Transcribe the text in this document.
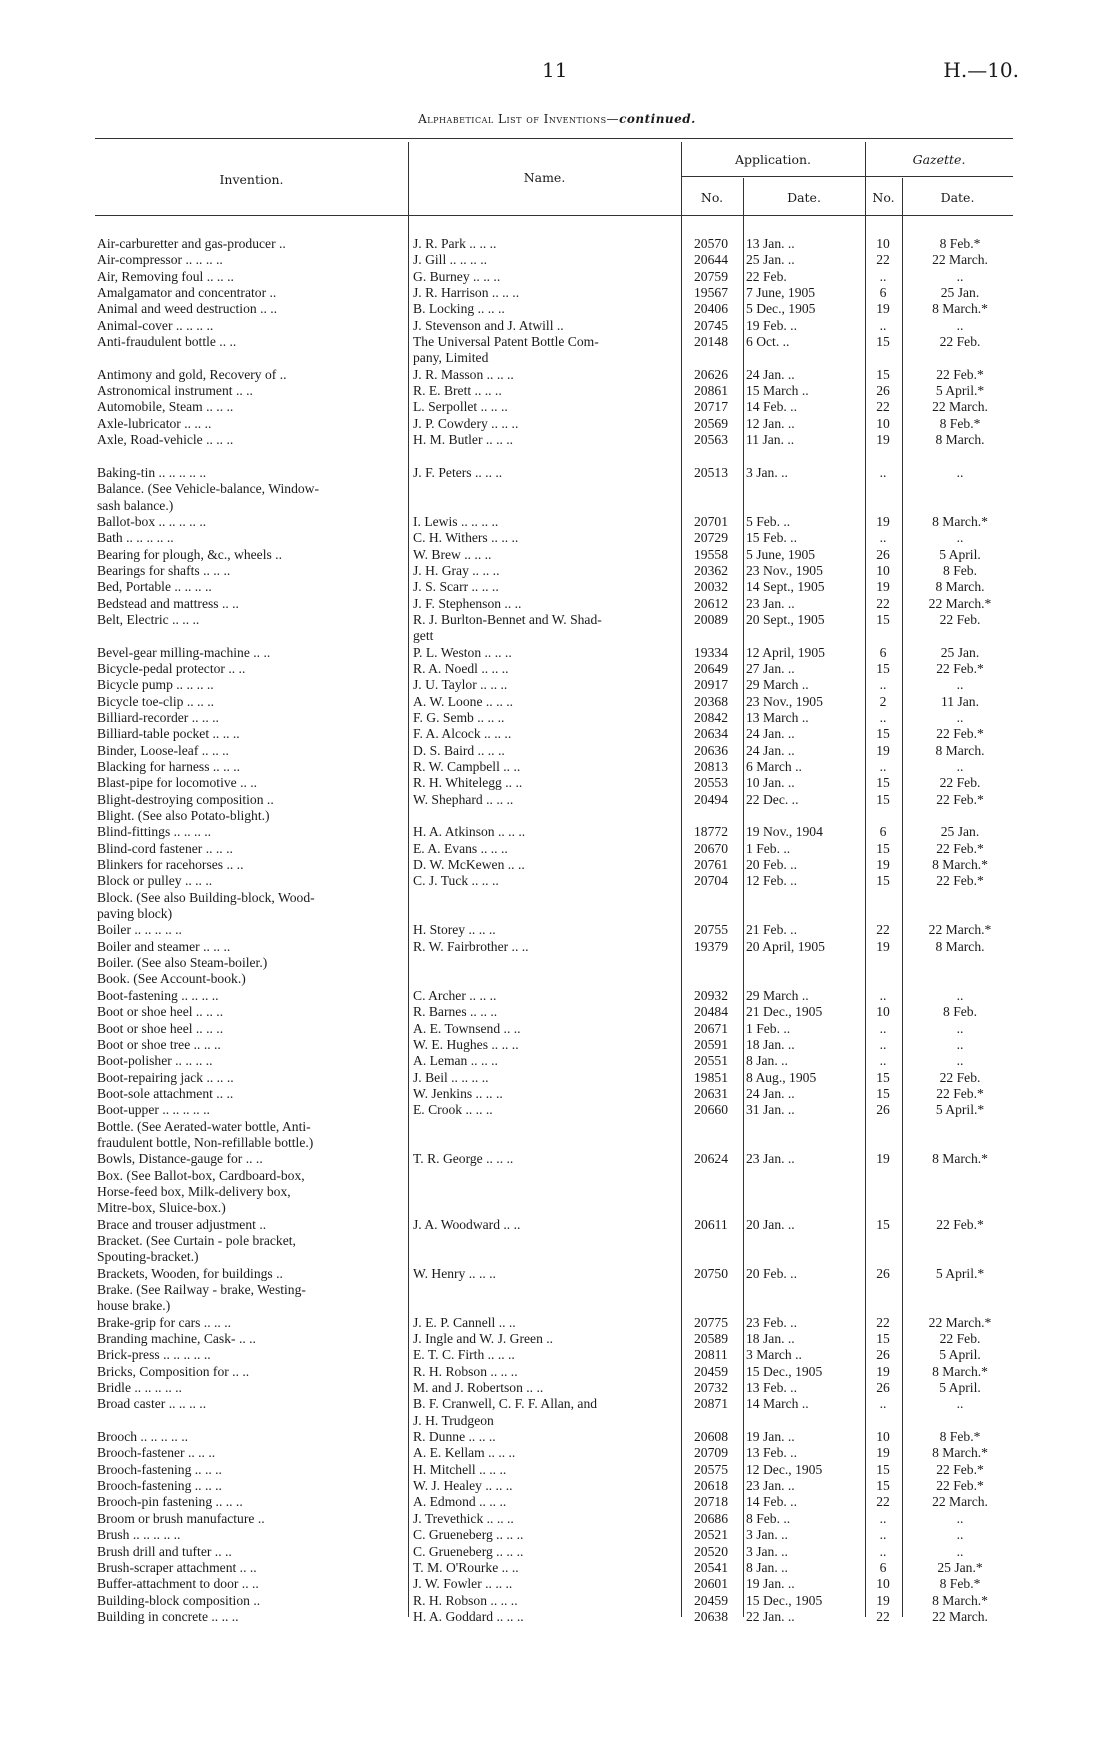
11	H.—10.
Alphabetical List of Inventions—continued.
Invention.	Name.
Application.	Gazette.
No.	Date.	No.	Date.
Air-carburetter and gas-producer ..	J. R. Park .. .. ..	20570	13 Jan. ..	10	8 Feb.*
Air-compressor .. .. .. ..	J. Gill .. .. .. ..	20644	25 Jan. ..	22	22 March.
Air, Removing foul .. .. ..	G. Burney .. .. ..	20759	22 Feb.	..	..
Amalgamator and concentrator ..	J. R. Harrison .. .. ..	19567	7 June, 1905	6	25 Jan.
Animal and weed destruction .. ..	B. Locking .. .. ..	20406	5 Dec., 1905	19	8 March.*
Animal-cover .. .. .. ..	J. Stevenson and J. Atwill ..	20745	19 Feb. ..	..	..
Anti-fraudulent bottle .. ..	The Universal Patent Bottle Com-	20148	6 Oct. ..	15	22 Feb.
pany, Limited
Antimony and gold, Recovery of ..	J. R. Masson .. .. ..	20626	24 Jan. ..	15	22 Feb.*
Astronomical instrument .. ..	R. E. Brett .. .. ..	20861	15 March ..	26	5 April.*
Automobile, Steam .. .. ..	L. Serpollet .. .. ..	20717	14 Feb. ..	22	22 March.
Axle-lubricator .. .. ..	J. P. Cowdery .. .. ..	20569	12 Jan. ..	10	8 Feb.*
Axle, Road-vehicle .. .. ..	H. M. Butler .. .. ..	20563	11 Jan. ..	19	8 March.
Baking-tin .. .. .. .. ..	J. F. Peters .. .. ..	20513	3 Jan. ..	..	..
Balance. (See Vehicle-balance, Window-
sash balance.)
Ballot-box .. .. .. .. ..	I. Lewis .. .. .. ..	20701	5 Feb. ..	19	8 March.*
Bath .. .. .. .. ..	C. H. Withers .. .. ..	20729	15 Feb. ..	..	..
Bearing for plough, &c., wheels ..	W. Brew .. .. ..	19558	5 June, 1905	26	5 April.
Bearings for shafts .. .. ..	J. H. Gray .. .. ..	20362	23 Nov., 1905	10	8 Feb.
Bed, Portable .. .. .. ..	J. S. Scarr .. .. ..	20032	14 Sept., 1905	19	8 March.
Bedstead and mattress .. ..	J. F. Stephenson .. ..	20612	23 Jan. ..	22	22 March.*
Belt, Electric .. .. ..	R. J. Burlton-Bennet and W. Shad-	20089	20 Sept., 1905	15	22 Feb.
gett
Bevel-gear milling-machine .. ..	P. L. Weston .. .. ..	19334	12 April, 1905	6	25 Jan.
Bicycle-pedal protector .. ..	R. A. Noedl .. .. ..	20649	27 Jan. ..	15	22 Feb.*
Bicycle pump .. .. .. ..	J. U. Taylor .. .. ..	20917	29 March ..	..	..
Bicycle toe-clip .. .. ..	A. W. Loone .. .. ..	20368	23 Nov., 1905	2	11 Jan.
Billiard-recorder .. .. ..	F. G. Semb .. .. ..	20842	13 March ..	..	..
Billiard-table pocket .. .. ..	F. A. Alcock .. .. ..	20634	24 Jan. ..	15	22 Feb.*
Binder, Loose-leaf .. .. ..	D. S. Baird .. .. ..	20636	24 Jan. ..	19	8 March.
Blacking for harness .. .. ..	R. W. Campbell .. ..	20813	6 March ..	..	..
Blast-pipe for locomotive .. ..	R. H. Whitelegg .. ..	20553	10 Jan. ..	15	22 Feb.
Blight-destroying composition ..	W. Shephard .. .. ..	20494	22 Dec. ..	15	22 Feb.*
Blight. (See also Potato-blight.)
Blind-fittings .. .. .. ..	H. A. Atkinson .. .. ..	18772	19 Nov., 1904	6	25 Jan.
Blind-cord fastener .. .. ..	E. A. Evans .. .. ..	20670	1 Feb. ..	15	22 Feb.*
Blinkers for racehorses .. ..	D. W. McKewen .. ..	20761	20 Feb. ..	19	8 March.*
Block or pulley .. .. ..	C. J. Tuck .. .. ..	20704	12 Feb. ..	15	22 Feb.*
Block. (See also Building-block, Wood-
paving block)
Boiler .. .. .. .. ..	H. Storey .. .. ..	20755	21 Feb. ..	22	22 March.*
Boiler and steamer .. .. ..	R. W. Fairbrother .. ..	19379	20 April, 1905	19	8 March.
Boiler. (See also Steam-boiler.)
Book. (See Account-book.)
Boot-fastening .. .. .. ..	C. Archer .. .. ..	20932	29 March ..	..	..
Boot or shoe heel .. .. ..	R. Barnes .. .. ..	20484	21 Dec., 1905	10	8 Feb.
Boot or shoe heel .. .. ..	A. E. Townsend .. ..	20671	1 Feb. ..	..	..
Boot or shoe tree .. .. ..	W. E. Hughes .. .. ..	20591	18 Jan. ..	..	..
Boot-polisher .. .. .. ..	A. Leman .. .. ..	20551	8 Jan. ..	..	..
Boot-repairing jack .. .. ..	J. Beil .. .. .. ..	19851	8 Aug., 1905	15	22 Feb.
Boot-sole attachment .. ..	W. Jenkins .. .. ..	20631	24 Jan. ..	15	22 Feb.*
Boot-upper .. .. .. .. ..	E. Crook .. .. ..	20660	31 Jan. ..	26	5 April.*
Bottle. (See Aerated-water bottle, Anti-
fraudulent bottle, Non-refillable bottle.)
Bowls, Distance-gauge for .. ..	T. R. George .. .. ..	20624	23 Jan. ..	19	8 March.*
Box. (See Ballot-box, Cardboard-box,
Horse-feed box, Milk-delivery box,
Mitre-box, Sluice-box.)
Brace and trouser adjustment ..	J. A. Woodward .. ..	20611	20 Jan. ..	15	22 Feb.*
Bracket. (See Curtain - pole bracket,
Spouting-bracket.)
Brackets, Wooden, for buildings ..	W. Henry .. .. ..	20750	20 Feb. ..	26	5 April.*
Brake. (See Railway - brake, Westing-
house brake.)
Brake-grip for cars .. .. ..	J. E. P. Cannell .. ..	20775	23 Feb. ..	22	22 March.*
Branding machine, Cask- .. ..	J. Ingle and W. J. Green ..	20589	18 Jan. ..	15	22 Feb.
Brick-press .. .. .. .. ..	E. T. C. Firth .. .. ..	20811	3 March ..	26	5 April.
Bricks, Composition for .. ..	R. H. Robson .. .. ..	20459	15 Dec., 1905	19	8 March.*
Bridle .. .. .. .. ..	M. and J. Robertson .. ..	20732	13 Feb. ..	26	5 April.
Broad caster .. .. .. ..	B. F. Cranwell, C. F. F. Allan, and	20871	14 March ..	..	..
J. H. Trudgeon
Brooch .. .. .. .. ..	R. Dunne .. .. ..	20608	19 Jan. ..	10	8 Feb.*
Brooch-fastener .. .. ..	A. E. Kellam .. .. ..	20709	13 Feb. ..	19	8 March.*
Brooch-fastening .. .. ..	H. Mitchell .. .. ..	20575	12 Dec., 1905	15	22 Feb.*
Brooch-fastening .. .. ..	W. J. Healey .. .. ..	20618	23 Jan. ..	15	22 Feb.*
Brooch-pin fastening .. .. ..	A. Edmond .. .. ..	20718	14 Feb. ..	22	22 March.
Broom or brush manufacture ..	J. Trevethick .. .. ..	20686	8 Feb. ..	..	..
Brush .. .. .. .. ..	C. Grueneberg .. .. ..	20521	3 Jan. ..	..	..
Brush drill and tufter .. ..	C. Grueneberg .. .. ..	20520	3 Jan. ..	..	..
Brush-scraper attachment .. ..	T. M. O'Rourke .. ..	20541	8 Jan. ..	6	25 Jan.*
Buffer-attachment to door .. ..	J. W. Fowler .. .. ..	20601	19 Jan. ..	10	8 Feb.*
Building-block composition ..	R. H. Robson .. .. ..	20459	15 Dec., 1905	19	8 March.*
Building in concrete .. .. ..	H. A. Goddard .. .. ..	20638	22 Jan. ..	22	22 March.
